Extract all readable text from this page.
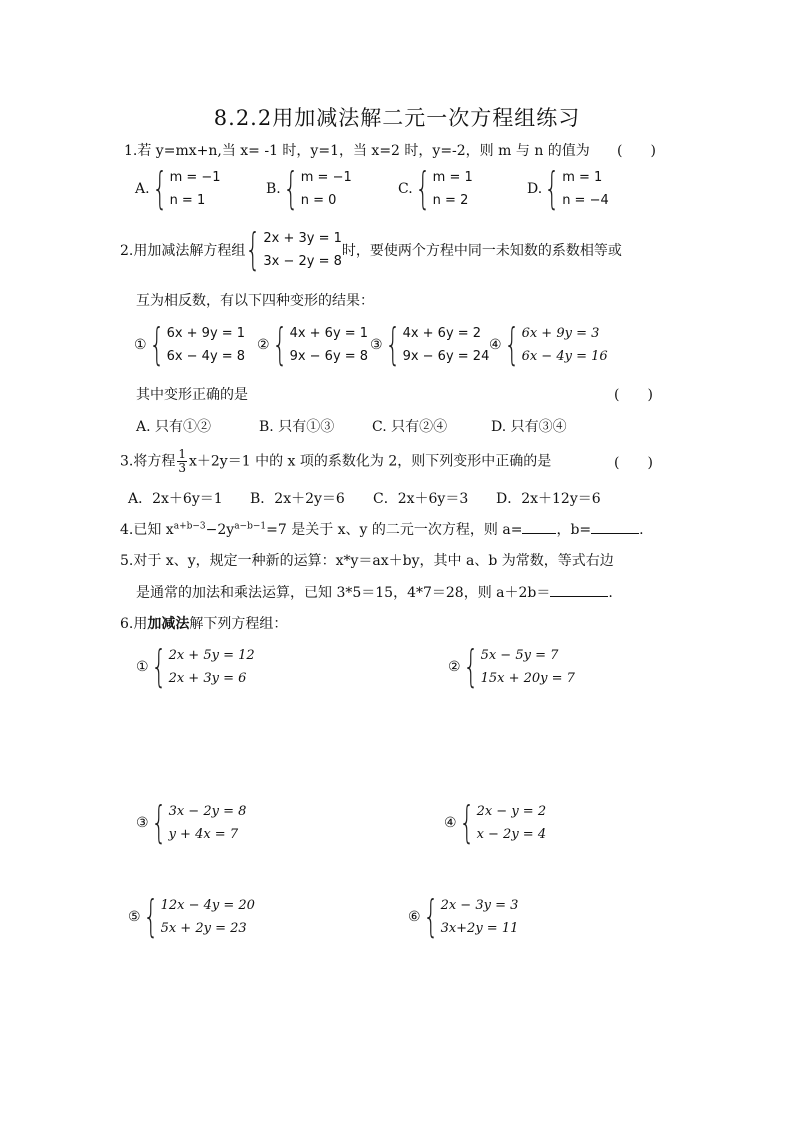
8.2.2用加减法解二元一次方程组练习
1.若 y=mx+n,当 x= -1 时，y=1，当 x=2 时，y=-2，则 m 与 n 的值为 (　　)
A. { m = −1
n = 1
B. { m = −1
n = 0
C. { m = 1
n = 2
D. { m = 1
n = −4
2.用加减法解方程组 { 2x + 3y = 1
3x − 2y = 8
时，要使两个方程中同一未知数的系数相等或
互为相反数，有以下四种变形的结果：
① { 6x + 9y = 1
6x − 4y = 8
② { 4x + 6y = 1
9x − 6y = 8
③ { 4x + 6y = 2
9x − 6y = 24
④ { 6x + 9y = 3
6x − 4y = 16
其中变形正确的是	(　　)
A. 只有①②	B. 只有①③	C. 只有②④	D. 只有③④
3.将方程 $\frac{1}{3} x+2y=1$ 中的 x 项的系数化为 2，则下列变形中正确的是	(　　)
A．2x＋6y＝1 B．2x＋2y＝6 C．2x＋6y＝3 D．2x＋12y＝6
4.已知 $x^{a+b-3}-2y^{a-b-1}=7$ 是关于 x、y 的二元一次方程，则 a= ，b=	.
5.对于 x、y，规定一种新的运算：x*y＝ax＋by，其中 a、b 为常数，等式右边
是通常的加法和乘法运算，已知 3*5＝15，4*7＝28，则 a＋2b＝	.
6.用加减法解下列方程组：
① { 2x + 5y = 12
2x + 3y = 6
② { 5x − 5y = 7
15x + 20y = 7
③ { 3x − 2y = 8
y + 4x = 7
④ { 2x − y = 2
x − 2y = 4
⑤ { 12x − 4y = 20
5x + 2y = 23
⑥ { 2x − 3y = 3
3x+2y = 11
